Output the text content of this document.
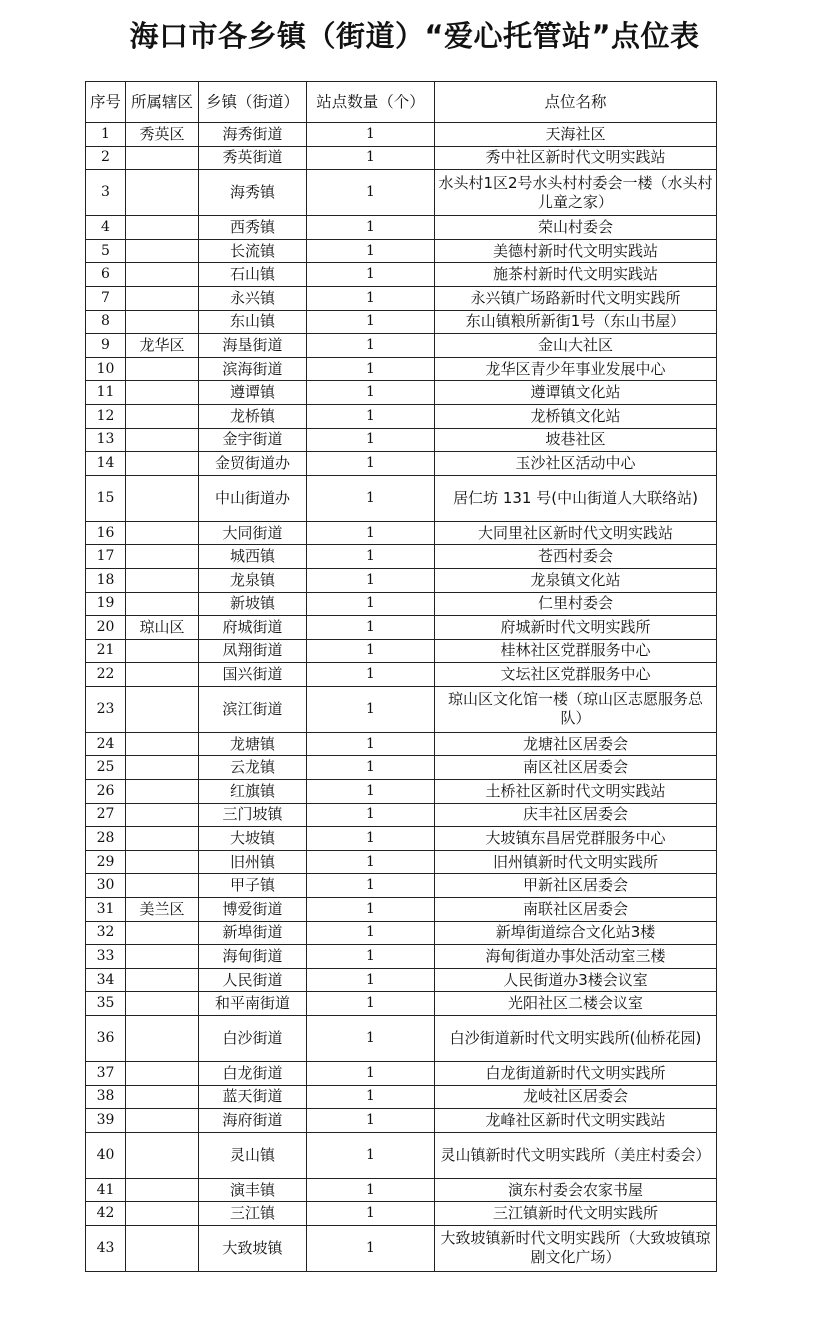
海口市各乡镇（街道）“爱心托管站”点位表
序号	所属辖区	乡镇（街道）	站点数量（个）	点位名称
1	秀英区	海秀街道	1	天海社区
2		秀英街道	1	秀中社区新时代文明实践站
3		海秀镇	1	水头村1区2号水头村村委会一楼（水头村儿童之家）
4		西秀镇	1	荣山村委会
5		长流镇	1	美德村新时代文明实践站
6		石山镇	1	施茶村新时代文明实践站
7		永兴镇	1	永兴镇广场路新时代文明实践所
8		东山镇	1	东山镇粮所新街1号（东山书屋）
9	龙华区	海垦街道	1	金山大社区
10		滨海街道	1	龙华区青少年事业发展中心
11		遵谭镇	1	遵谭镇文化站
12		龙桥镇	1	龙桥镇文化站
13		金宇街道	1	坡巷社区
14		金贸街道办	1	玉沙社区活动中心
15		中山街道办	1	居仁坊 131 号(中山街道人大联络站)
16		大同街道	1	大同里社区新时代文明实践站
17		城西镇	1	苍西村委会
18		龙泉镇	1	龙泉镇文化站
19		新坡镇	1	仁里村委会
20	琼山区	府城街道	1	府城新时代文明实践所
21		凤翔街道	1	桂林社区党群服务中心
22		国兴街道	1	文坛社区党群服务中心
23		滨江街道	1	琼山区文化馆一楼（琼山区志愿服务总队）
24		龙塘镇	1	龙塘社区居委会
25		云龙镇	1	南区社区居委会
26		红旗镇	1	土桥社区新时代文明实践站
27		三门坡镇	1	庆丰社区居委会
28		大坡镇	1	大坡镇东昌居党群服务中心
29		旧州镇	1	旧州镇新时代文明实践所
30		甲子镇	1	甲新社区居委会
31	美兰区	博爱街道	1	南联社区居委会
32		新埠街道	1	新埠街道综合文化站3楼
33		海甸街道	1	海甸街道办事处活动室三楼
34		人民街道	1	人民街道办3楼会议室
35		和平南街道	1	光阳社区二楼会议室
36		白沙街道	1	白沙街道新时代文明实践所(仙桥花园)
37		白龙街道	1	白龙街道新时代文明实践所
38		蓝天街道	1	龙岐社区居委会
39		海府街道	1	龙峰社区新时代文明实践站
40		灵山镇	1	灵山镇新时代文明实践所（美庄村委会）
41		演丰镇	1	演东村委会农家书屋
42		三江镇	1	三江镇新时代文明实践所
43		大致坡镇	1	大致坡镇新时代文明实践所（大致坡镇琼剧文化广场）
